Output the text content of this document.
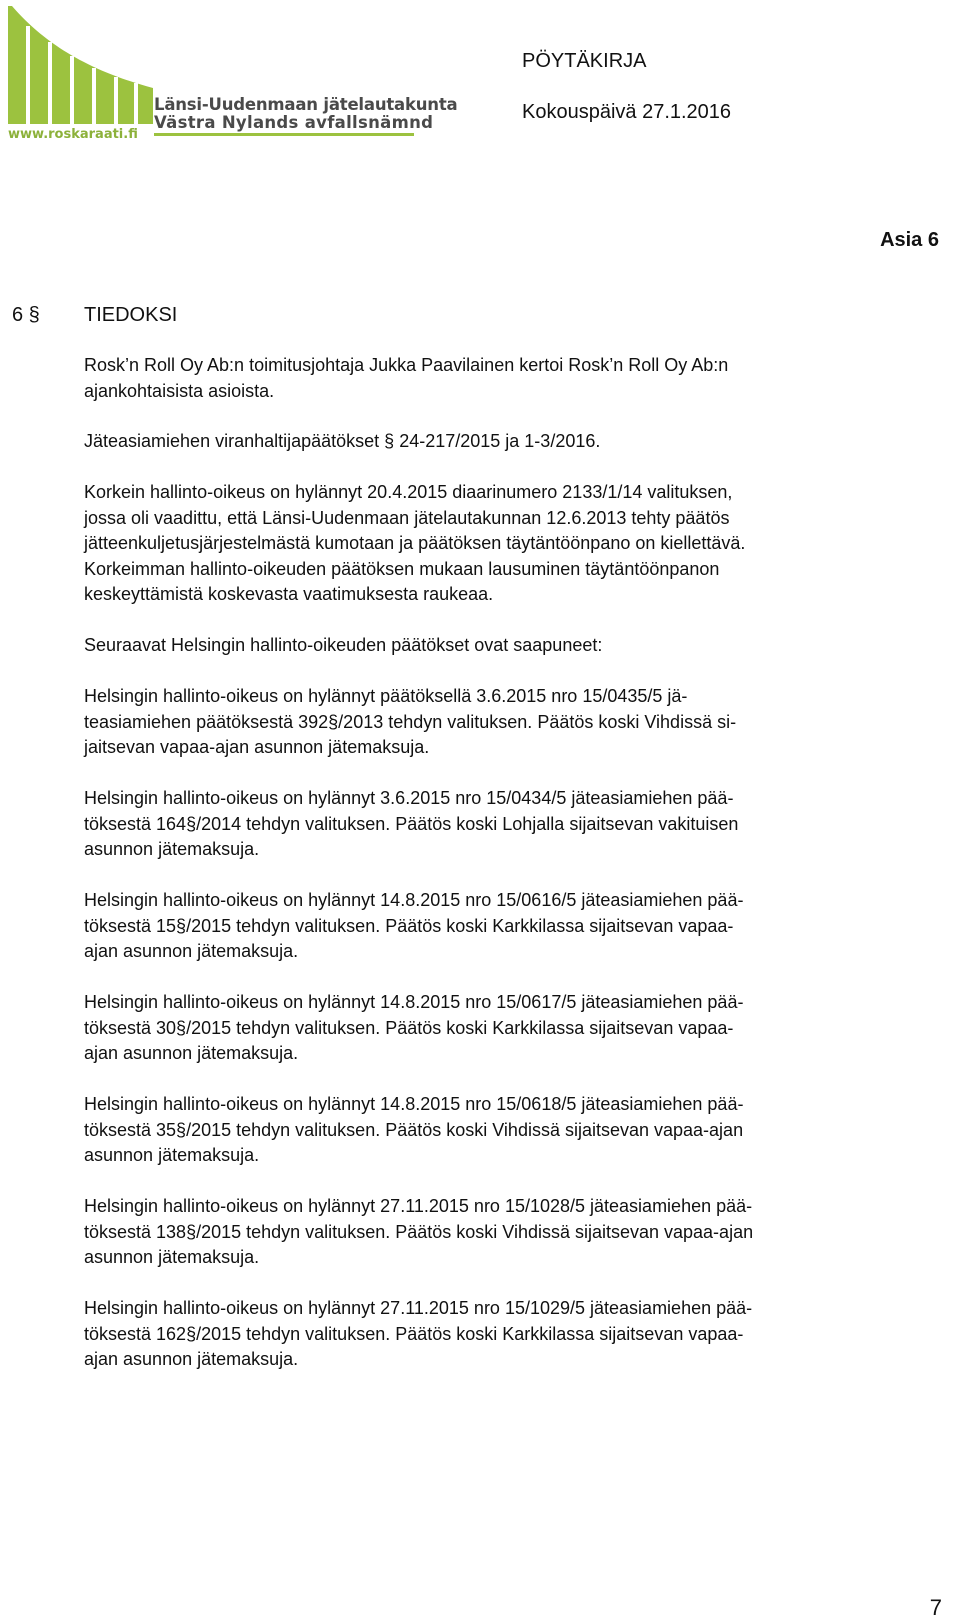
Länsi-Uudenmaan jätelautakunta
Västra Nylands avfallsnämnd
www.roskaraati.fi
PÖYTÄKIRJA
Kokouspäivä 27.1.2016
Asia 6
6 § TIEDOKSI
Rosk’n Roll Oy Ab:n toimitusjohtaja Jukka Paavilainen kertoi Rosk’n Roll Oy Ab:n
ajankohtaisista asioista.
Jäteasiamiehen viranhaltijapäätökset § 24-217/2015 ja 1-3/2016.
Korkein hallinto-oikeus on hylännyt 20.4.2015 diaarinumero 2133/1/14 valituksen,
jossa oli vaadittu, että Länsi-Uudenmaan jätelautakunnan 12.6.2013 tehty päätös
jätteenkuljetusjärjestelmästä kumotaan ja päätöksen täytäntöönpano on kiellettävä.
Korkeimman hallinto-oikeuden päätöksen mukaan lausuminen täytäntöönpanon
keskeyttämistä koskevasta vaatimuksesta raukeaa.
Seuraavat Helsingin hallinto-oikeuden päätökset ovat saapuneet:
Helsingin hallinto-oikeus on hylännyt päätöksellä 3.6.2015 nro 15/0435/5 jä-
teasiamiehen päätöksestä 392§/2013 tehdyn valituksen. Päätös koski Vihdissä si-
jaitsevan vapaa-ajan asunnon jätemaksuja.
Helsingin hallinto-oikeus on hylännyt 3.6.2015 nro 15/0434/5 jäteasiamiehen pää-
töksestä 164§/2014 tehdyn valituksen. Päätös koski Lohjalla sijaitsevan vakituisen
asunnon jätemaksuja.
Helsingin hallinto-oikeus on hylännyt 14.8.2015 nro 15/0616/5 jäteasiamiehen pää-
töksestä 15§/2015 tehdyn valituksen. Päätös koski Karkkilassa sijaitsevan vapaa-
ajan asunnon jätemaksuja.
Helsingin hallinto-oikeus on hylännyt 14.8.2015 nro 15/0617/5 jäteasiamiehen pää-
töksestä 30§/2015 tehdyn valituksen. Päätös koski Karkkilassa sijaitsevan vapaa-
ajan asunnon jätemaksuja.
Helsingin hallinto-oikeus on hylännyt 14.8.2015 nro 15/0618/5 jäteasiamiehen pää-
töksestä 35§/2015 tehdyn valituksen. Päätös koski Vihdissä sijaitsevan vapaa-ajan
asunnon jätemaksuja.
Helsingin hallinto-oikeus on hylännyt 27.11.2015 nro 15/1028/5 jäteasiamiehen pää-
töksestä 138§/2015 tehdyn valituksen. Päätös koski Vihdissä sijaitsevan vapaa-ajan
asunnon jätemaksuja.
Helsingin hallinto-oikeus on hylännyt 27.11.2015 nro 15/1029/5 jäteasiamiehen pää-
töksestä 162§/2015 tehdyn valituksen. Päätös koski Karkkilassa sijaitsevan vapaa-
ajan asunnon jätemaksuja.
7
